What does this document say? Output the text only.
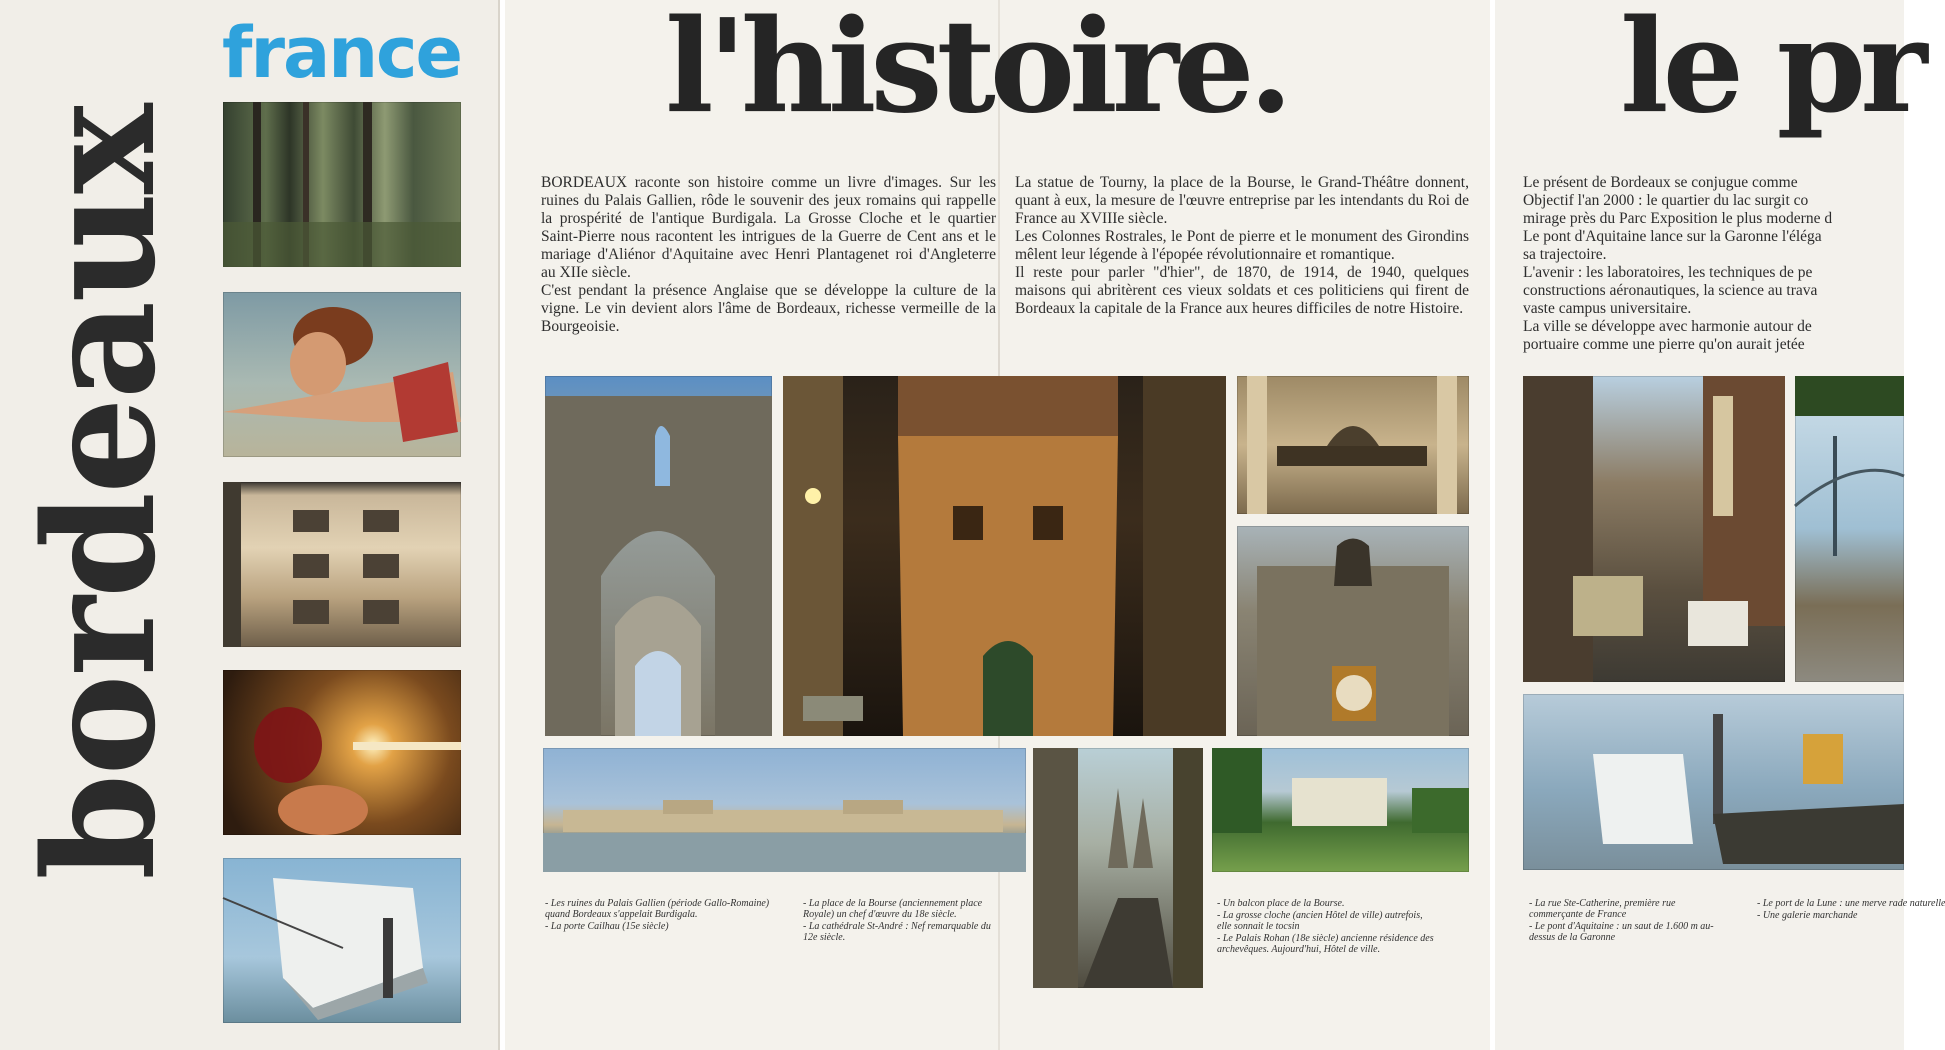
bordeaux
france l'histoire.

BORDEAUX raconte son histoire comme un livre d'images. Sur les ruines du Palais Gallien, rôde le souvenir des jeux romains qui rappelle la prospérité de l'antique Burdigala. La Grosse Cloche et le quartier Saint-Pierre nous racontent les intrigues de la Guerre de Cent ans et le mariage d'Aliénor d'Aquitaine avec Henri Plantagenet roi d'Angleterre au XIIe siècle.

C'est pendant la présence Anglaise que se développe la culture de la vigne. Le vin devient alors l'âme de Bordeaux, richesse vermeille de la Bourgeoisie.

La statue de Tourny, la place de la Bourse, le Grand-Théâtre donnent, quant à eux, la mesure de l'œuvre entreprise par les intendants du Roi de France au XVIIIe siècle.

Les Colonnes Rostrales, le Pont de pierre et le monument des Girondins mêlent leur légende à l'épopée révolutionnaire et romantique.

Il reste pour parler "d'hier", de 1870, de 1914, de 1940, quelques maisons qui abritèrent ces vieux soldats et ces politiciens qui firent de Bordeaux la capitale de la France aux heures difficiles de notre Histoire.

- Les ruines du Palais Gallien (période Gallo-Romaine) quand Bordeaux s'appelait Burdigala.
- La porte Cailhau (15e siècle)
- La place de la Bourse (anciennement place Royale) un chef d'œuvre du 18e siècle.
- La cathédrale St-André : Nef remarquable du 12e siècle.
- Un balcon place de la Bourse.
- La grosse cloche (ancien Hôtel de ville) autrefois, elle sonnait le tocsin
- Le Palais Rohan (18e siècle) ancienne résidence des archevêques. Aujourd'hui, Hôtel de ville.
le pr

Le présent de Bordeaux se conjugue comme

Objectif l'an 2000 : le quartier du lac surgit co

mirage près du Parc Exposition le plus moderne d

Le pont d'Aquitaine lance sur la Garonne l'éléga

sa trajectoire.

L'avenir : les laboratoires, les techniques de pe

constructions aéronautiques, la science au trava

vaste campus universitaire.

La ville se développe avec harmonie autour de

portuaire comme une pierre qu'on aurait jetée

- La rue Ste-Catherine, première rue commerçante de France
- Le pont d'Aquitaine : un saut de 1.600 m au-dessus de la Garonne
- Le port de la Lune : une merve rade naturelle
- Une galerie marchande
